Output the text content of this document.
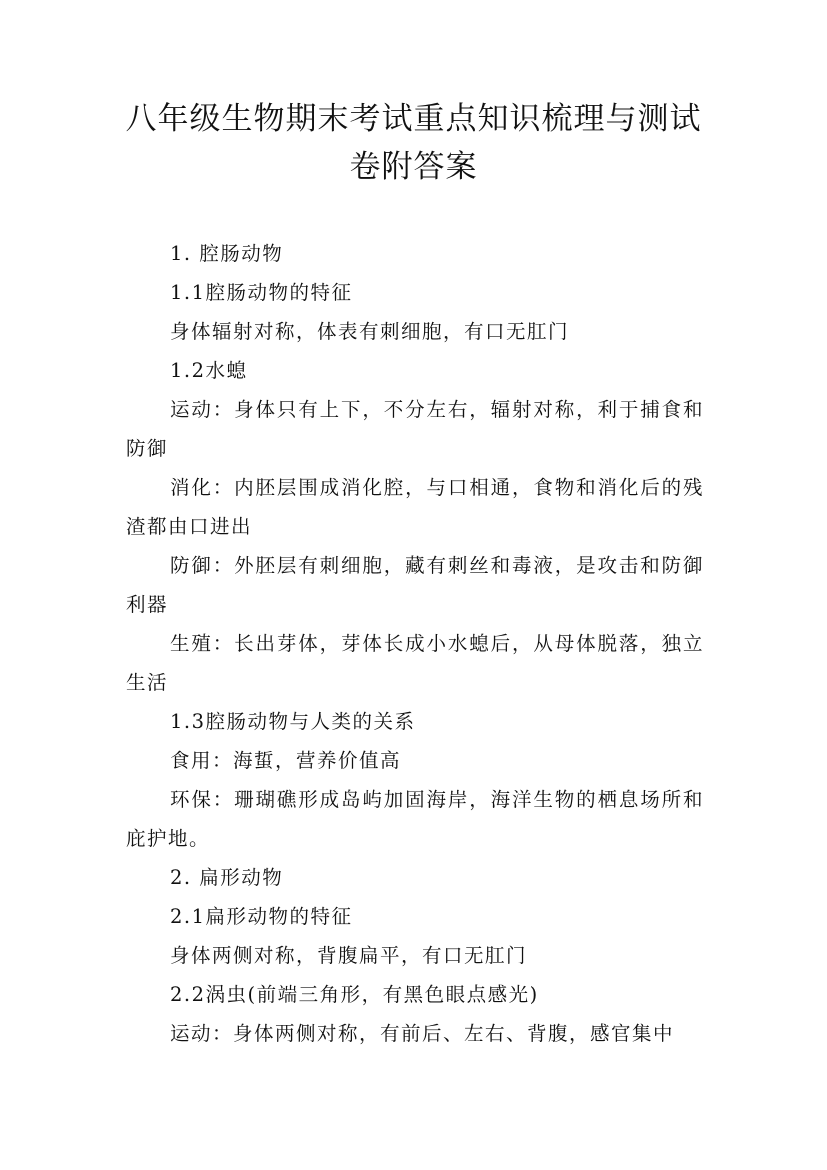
八年级生物期末考试重点知识梳理与测试
卷附答案

1. 腔肠动物

1.1腔肠动物的特征

身体辐射对称，体表有刺细胞，有口无肛门

1.2水螅

运动：身体只有上下，不分左右，辐射对称，利于捕食和防御

消化：内胚层围成消化腔，与口相通，食物和消化后的残渣都由口进出

防御：外胚层有刺细胞，藏有刺丝和毒液，是攻击和防御利器

生殖：长出芽体，芽体长成小水螅后，从母体脱落，独立生活

1.3腔肠动物与人类的关系

食用：海蜇，营养价值高

环保：珊瑚礁形成岛屿加固海岸，海洋生物的栖息场所和庇护地。

2. 扁形动物

2.1扁形动物的特征

身体两侧对称，背腹扁平，有口无肛门

2.2涡虫(前端三角形，有黑色眼点感光)

运动：身体两侧对称，有前后、左右、背腹，感官集中
